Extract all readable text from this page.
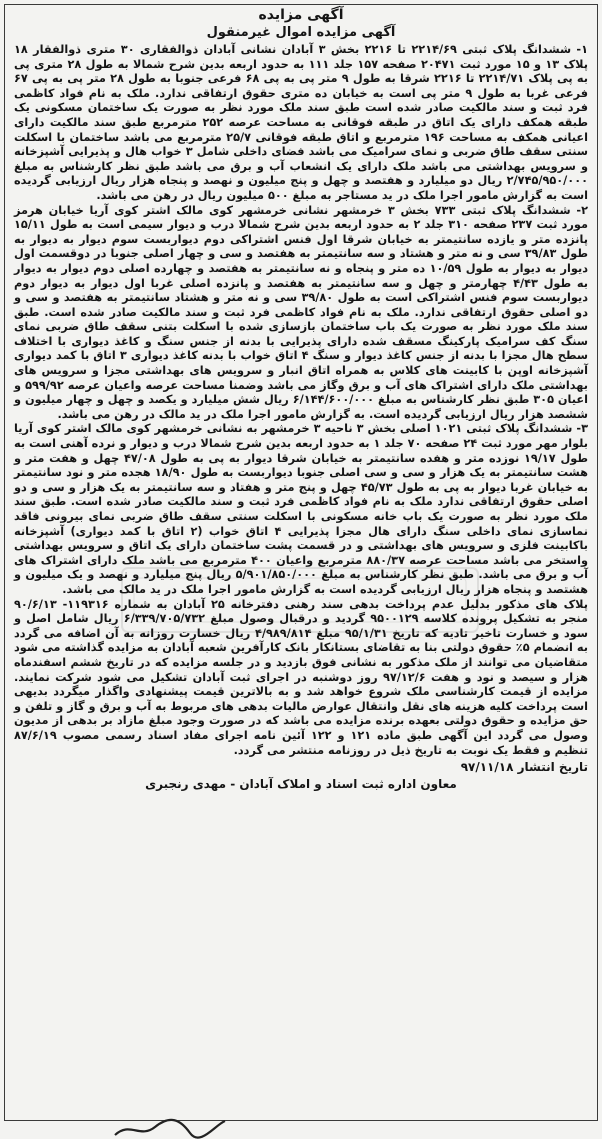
آگهی مزایده

آگهی مزایده اموال غیرمنقول

۱- ششدانگ پلاک ثبتی ۲۲۱۴/۶۹ تا ۲۲۱۶ بخش ۳ آبادان نشانی آبادان ذوالفقاری ۳۰ متری ذوالفقار ۱۸ پلاک ۱۳ و ۱۵ مورد ثبت ۲۰۴۷۱ صفحه ۱۵۷ جلد ۱۱۱ به حدود اربعه بدین شرح شمالا به طول ۲۸ متری پی به پی پلاک ۲۲۱۴/۷۱ تا ۲۲۱۶ شرقا به طول ۹ متر پی به پی ۶۸ فرعی جنوبا به طول ۲۸ متر پی به پی ۶۷ فرعی غربا به طول ۹ متر پی است به خیابان ده متری حقوق ارتفاقی ندارد. ملک به نام فواد کاظمی فرد ثبت و سند مالکیت صادر شده است طبق سند ملک مورد نظر به صورت یک ساختمان مسکونی یک طبقه همکف دارای یک اتاق در طبقه فوقانی به مساحت عرصه ۲۵۲ مترمربع طبق سند مالکیت دارای اعیانی همکف به مساحت ۱۹۶ مترمربع و اتاق طبقه فوقانی ۲۵/۷ مترمربع می باشد ساختمان با اسکلت سنتی سقف طاق ضربی و نمای سرامیک می باشد فضای داخلی شامل ۳ خواب هال و پذیرایی آشپزخانه و سرویس بهداشتی می باشد ملک دارای یک انشعاب آب و برق می باشد طبق نظر کارشناس به مبلغ ۲/۷۴۵/۹۵۰/۰۰۰ ریال دو میلیارد و هفتصد و چهل و پنج میلیون و نهصد و پنجاه هزار ریال ارزیابی گردیده است به گزارش مامور اجرا ملک در ید مستاجر به مبلغ ۵۰۰ میلیون ریال در رهن می باشد.

۲- ششدانگ پلاک ثبتی ۷۳۳ بخش ۳ خرمشهر نشانی خرمشهر کوی مالک اشتر کوی آریا خیابان هرمز مورد ثبت ۲۳۷ صفحه ۳۱۰ جلد ۲ به حدود اربعه بدین شرح شمالا درب و دیوار سیمی است به طول ۱۵/۱۱ پانزده متر و یازده سانتیمتر به خیابان شرقا اول فنس اشتراکی دوم دیواربست سوم دیوار به دیوار به طول ۳۹/۸۳ سی و نه متر و هشتاد و سه سانتیمتر به هفتصد و سی و چهار اصلی جنوبا در دوقسمت اول دیوار به دیوار به طول ۱۰/۵۹ ده متر و پنجاه و نه سانتیمتر به هفتصد و چهارده اصلی دوم دیوار به دیوار به طول ۴/۴۳ چهارمتر و چهل و سه سانتیمتر به هفتصد و پانزده اصلی غربا اول دیوار به دیوار دوم دیواربست سوم فنس اشتراکی است به طول ۳۹/۸۰ سی و نه متر و هشتاد سانتیمتر به هفتصد و سی و دو اصلی حقوق ارتفاقی ندارد. ملک به نام فواد کاظمی فرد ثبت و سند مالکیت صادر شده است. طبق سند ملک مورد نظر به صورت یک باب ساختمان بازسازی شده با اسکلت بتنی سقف طاق ضربی نمای سنگ کف سرامیک پارکینگ مسقف شده دارای پذیرایی با بدنه از جنس سنگ و کاغذ دیواری با اختلاف سطح هال مجزا با بدنه از جنس کاغذ دیوار و سنگ ۴ اتاق خواب با بدنه کاغذ دیواری ۳ اتاق با کمد دیواری آشپزخانه اوپن با کابینت های کلاس به همراه اتاق انبار و سرویس های بهداشتی مجزا و سرویس های بهداشتی ملک دارای اشتراک های آب و برق وگاز می باشد وضمنا مساحت عرصه واعیان عرصه ۵۹۹/۹۲ و اعیان ۳۰۵ طبق نظر کارشناس به مبلغ ۶/۱۴۴/۶۰۰/۰۰۰ ریال شش میلیارد و یکصد و چهل و چهار میلیون و ششصد هزار ریال ارزیابی گردیده است. به گزارش مامور اجرا ملک در ید مالک در رهن می باشد.

۳- ششدانگ پلاک ثبتی ۱۰۲۱ اصلی بخش ۳ ناحیه ۳ خرمشهر به نشانی خرمشهر کوی مالک اشتر کوی آریا بلوار مهر مورد ثبت ۲۴ صفحه ۷۰ جلد ۱ به حدود اربعه بدین شرح شمالا درب و دیوار و نرده آهنی است به طول ۱۹/۱۷ نوزده متر و هفده سانتیمتر به خیابان شرقا دیوار به پی به طول ۴۷/۰۸ چهل و هفت متر و هشت سانتیمتر به یک هزار و سی و سی اصلی جنوبا دیواربست به طول ۱۸/۹۰ هجده متر و نود سانتیمتر به خیابان غربا دیوار به پی به طول ۴۵/۷۳ چهل و پنج متر و هفتاد و سه سانتیمتر به یک هزار و سی و دو اصلی حقوق ارتفاقی ندارد ملک به نام فواد کاظمی فرد ثبت و سند مالکیت صادر شده است. طبق سند ملک مورد نظر به صورت یک باب خانه مسکونی با اسکلت سنتی سقف طاق ضربی نمای بیرونی فاقد نماسازی نمای داخلی سنگ دارای هال مجزا پذیرایی ۴ اتاق خواب (۲ اتاق با کمد دیواری) آشپزخانه باکابینت فلزی و سرویس های بهداشتی و در قسمت پشت ساختمان دارای یک اتاق و سرویس بهداشتی واستخر می باشد مساحت عرصه ۸۸۰/۳۷ مترمربع واعیان ۴۰۰ مترمربع می باشد ملک دارای اشتراک های آب و برق می باشد. طبق نظر کارشناس به مبلغ ۵/۹۰۱/۸۵۰/۰۰۰ ریال پنج میلیارد و نهصد و یک میلیون و هشتصد و پنجاه هزار ریال ارزیابی گردیده است به گزارش مامور اجرا ملک در ید مالک می باشد.

پلاک های مذکور بدلیل عدم پرداخت بدهی سند رهنی دفترخانه ۲۵ آبادان به شماره ۱۱۹۳۱۶- ۹۰/۶/۱۳ منجر به تشکیل پرونده کلاسه ۹۵۰۰۱۲۹ گردید و درقبال وصول مبلغ ۶/۳۳۹/۷۰۵/۷۳۲ ریال شامل اصل و سود و خسارت تاخیر تادیه که تاریخ ۹۵/۱/۳۱ مبلغ ۴/۹۸۹/۸۱۴ ریال خسارت روزانه به آن اضافه می گردد به انضمام ۵٪ حقوق دولتی بنا به تقاضای بستانکار بانک کارآفرین شعبه آبادان به مزایده گذاشته می شود متقاضیان می توانند از ملک مذکور به نشانی فوق بازدید و در جلسه مزایده که در تاریخ ششم اسفندماه هزار و سیصد و نود و هفت ۹۷/۱۲/۶ روز دوشنبه در اجرای ثبت آبادان تشکیل می شود شرکت نمایند. مزایده از قیمت کارشناسی ملک شروع خواهد شد و به بالاترین قیمت پیشنهادی واگذار میگردد بدیهی است پرداخت کلیه هزینه های نقل وانتقال عوارض مالیات بدهی های مربوط به آب و برق و گاز و تلفن و حق مزایده و حقوق دولتی بعهده برنده مزایده می باشد که در صورت وجود مبلغ مازاد بر بدهی از مدیون وصول می گردد این آگهی طبق ماده ۱۲۱ و ۱۲۲ آئین نامه اجرای مفاد اسناد رسمی مصوب ۸۷/۶/۱۹ تنظیم و فقط یک نوبت به تاریخ ذیل در روزنامه منتشر می گردد.

تاریخ انتشار ۹۷/۱۱/۱۸
معاون اداره ثبت اسناد و املاک آبادان - مهدی رنجبری
